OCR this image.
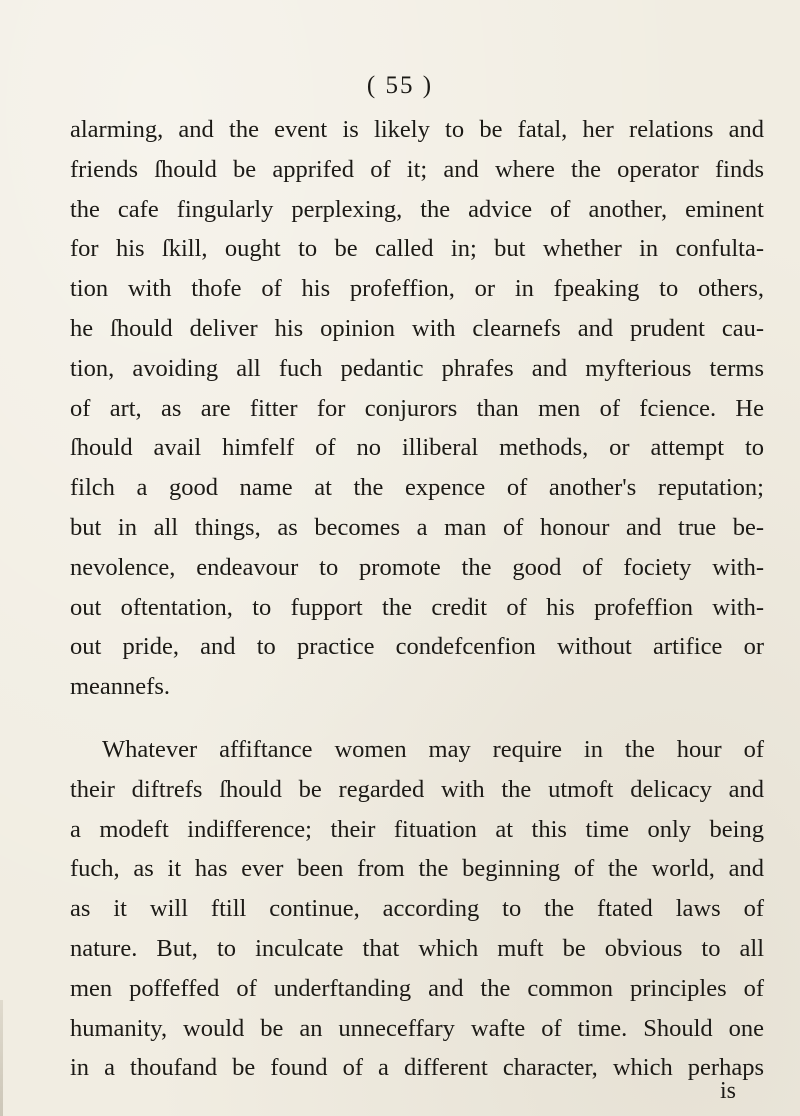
( 55 )
alarming, and the event is likely to be fatal, her relations and
friends ſhould be apprifed of it; and where the operator finds
the cafe fingularly perplexing, the advice of another, eminent
for his ſkill, ought to be called in; but whether in confulta-
tion with thofe of his profeffion, or in fpeaking to others,
he ſhould deliver his opinion with clearnefs and prudent cau-
tion, avoiding all fuch pedantic phrafes and myfterious terms
of art, as are fitter for conjurors than men of fcience. He
ſhould avail himfelf of no illiberal methods, or attempt to
filch a good name at the expence of another's reputation;
but in all things, as becomes a man of honour and true be-
nevolence, endeavour to promote the good of fociety with-
out oftentation, to fupport the credit of his profeffion with-
out pride, and to practice condefcenfion without artifice or
meannefs.
Whatever affiftance women may require in the hour of
their diftrefs ſhould be regarded with the utmoft delicacy and
a modeft indifference; their fituation at this time only being
fuch, as it has ever been from the beginning of the world, and
as it will ftill continue, according to the ftated laws of
nature. But, to inculcate that which muft be obvious to all
men poffeffed of underftanding and the common principles of
humanity, would be an unneceffary wafte of time. Should one
in a thoufand be found of a different character, which perhaps
is
